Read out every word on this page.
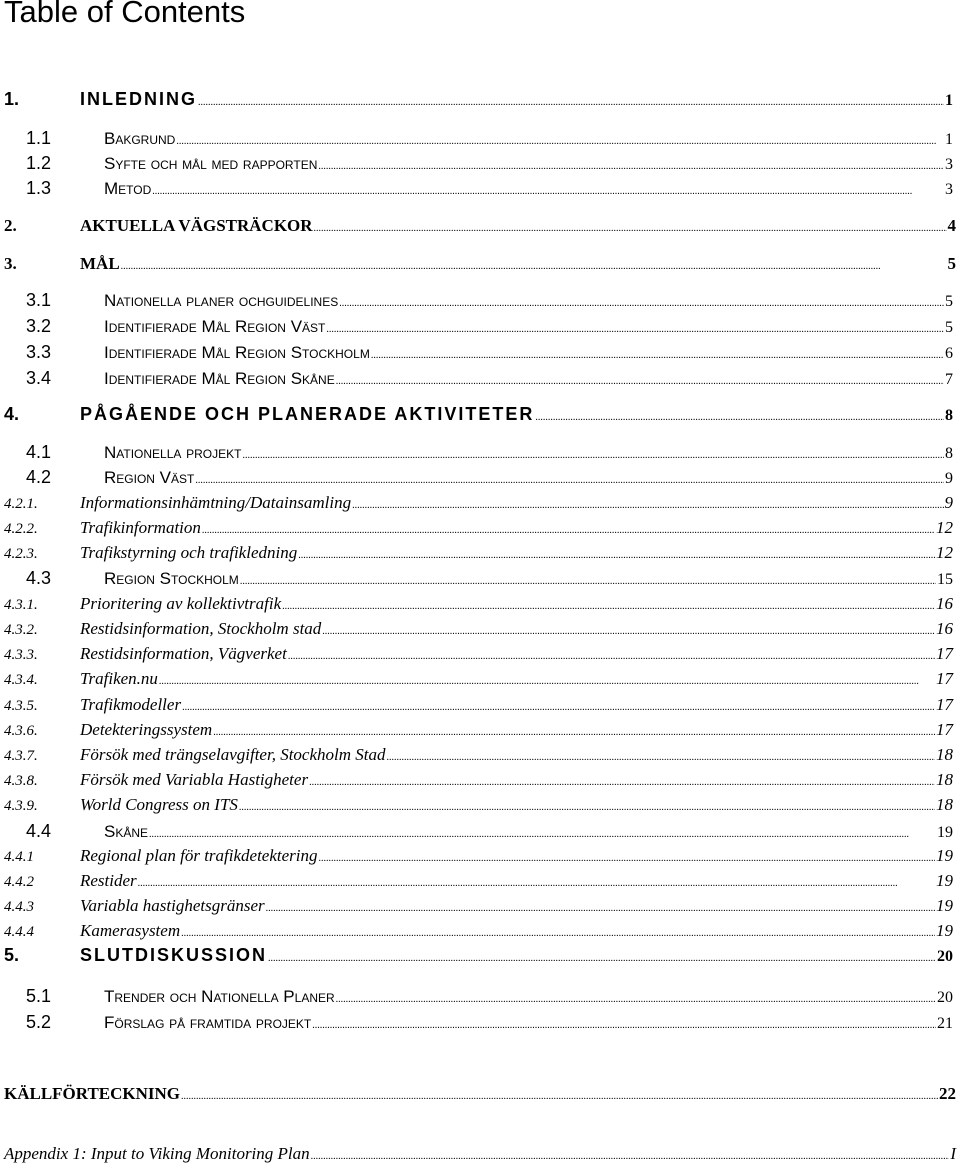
Table of Contents
1.	INLEDNING .....	1
1.1	Bakgrund .....	1
1.2	Syfte och mål med rapporten .....	3
1.3	Metod .....	3
2.	AKTUELLA VÄGSTRÄCKOR .....	4
3.	MÅL .....	5
3.1	Nationella planer ochguidelines .....	5
3.2	Identifierade Mål Region Väst .....	5
3.3	Identifierade Mål Region Stockholm .....	6
3.4	Identifierade Mål Region Skåne .....	7
4.	PÅGÅENDE OCH PLANERADE AKTIVITETER .....	8
4.1	Nationella projekt .....	8
4.2	Region Väst .....	9
4.2.1.	Informationsinhämtning/Datainsamling .....	9
4.2.2.	Trafikinformation .....	12
4.2.3.	Trafikstyrning och trafikledning .....	12
4.3	Region Stockholm .....	15
4.3.1.	Prioritering av kollektivtrafik .....	16
4.3.2.	Restidsinformation, Stockholm stad .....	16
4.3.3.	Restidsinformation, Vägverket .....	17
4.3.4.	Trafiken.nu .....	17
4.3.5.	Trafikmodeller .....	17
4.3.6.	Detekteringssystem .....	17
4.3.7.	Försök med trängselavgifter, Stockholm Stad .....	18
4.3.8.	Försök med Variabla Hastigheter .....	18
4.3.9.	World Congress on ITS .....	18
4.4	Skåne .....	19
4.4.1	Regional plan för trafikdetektering .....	19
4.4.2	Restider .....	19
4.4.3	Variabla hastighetsgränser .....	19
4.4.4	Kamerasystem .....	19
5.	SLUTDISKUSSION .....	20
5.1	Trender och Nationella Planer .....	20
5.2	Förslag på framtida projekt .....	21
KÄLLFÖRTECKNING .....	22
Appendix 1: Input to Viking Monitoring Plan .....	I
